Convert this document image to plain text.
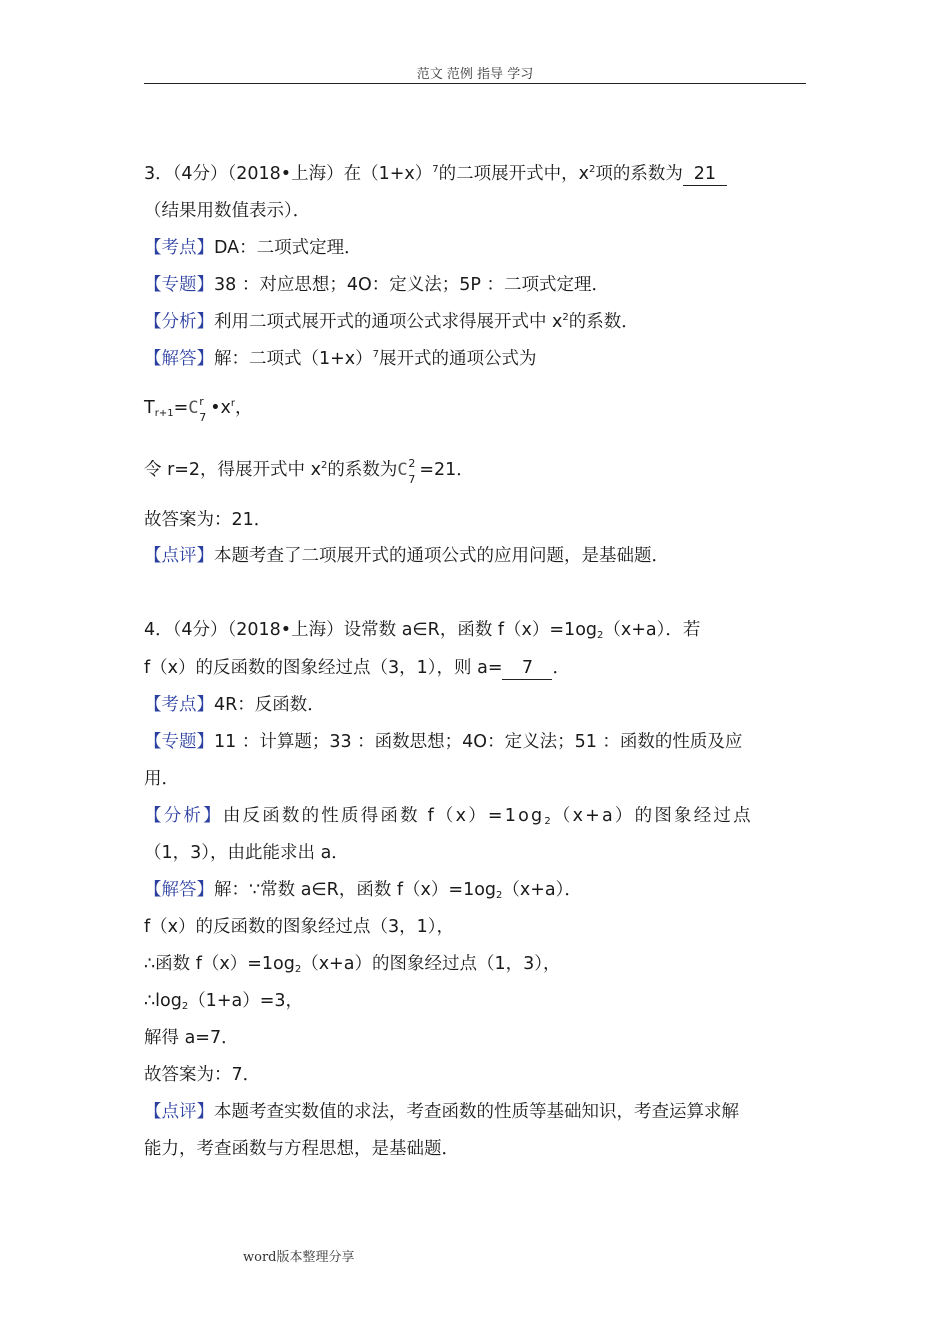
范文 范例 指导 学习
3．（4分）（2018•上海）在$(1+x)^7$的二项展开式中，$x^2$项的系数为 21
（结果用数值表示）．
【考点】DA：二项式定理．
【专题】38 ：对应思想；4O：定义法；5P ：二项式定理．
【分析】利用二项式展开式的通项公式求得展开式中 $x^2$的系数．
【解答】解：二项式$(1+x)^7$展开式的通项公式为
$T_{r+1}= C$ r
7 $•x^r$，
令 r=2，得展开式中 $x^2$的系数为 C 2
7 =21．
故答案为：21．
【点评】本题考查了二项展开式的通项公式的应用问题，是基础题．
4．（4分）（2018•上海）设常数 a∈R，函数 $f(x)=1og_2(x+a)$．若
f（x）的反函数的图象经过点（3，1），则 a= 7 ．
【考点】4R：反函数．
【专题】11 ：计算题；33 ：函数思想；4O：定义法；51 ：函数的性质及应
用．
【分析】由反函数的性质得函数 $f(x)=1og_2(x+a)$的图象经过点
（1，3），由此能求出 a．
【解答】解：∵常数 a∈R，函数 $f(x)=1og_2(x+a)$．
f（x）的反函数的图象经过点（3，1），
∴函数 $f(x)=1og_2(x+a)$的图象经过点（1，3），
$\therefore\log_2(1+a)=3$，
解得 a=7．
故答案为：7．
【点评】本题考查实数值的求法，考查函数的性质等基础知识，考查运算求解
能力，考查函数与方程思想，是基础题．
word版本整理分享
